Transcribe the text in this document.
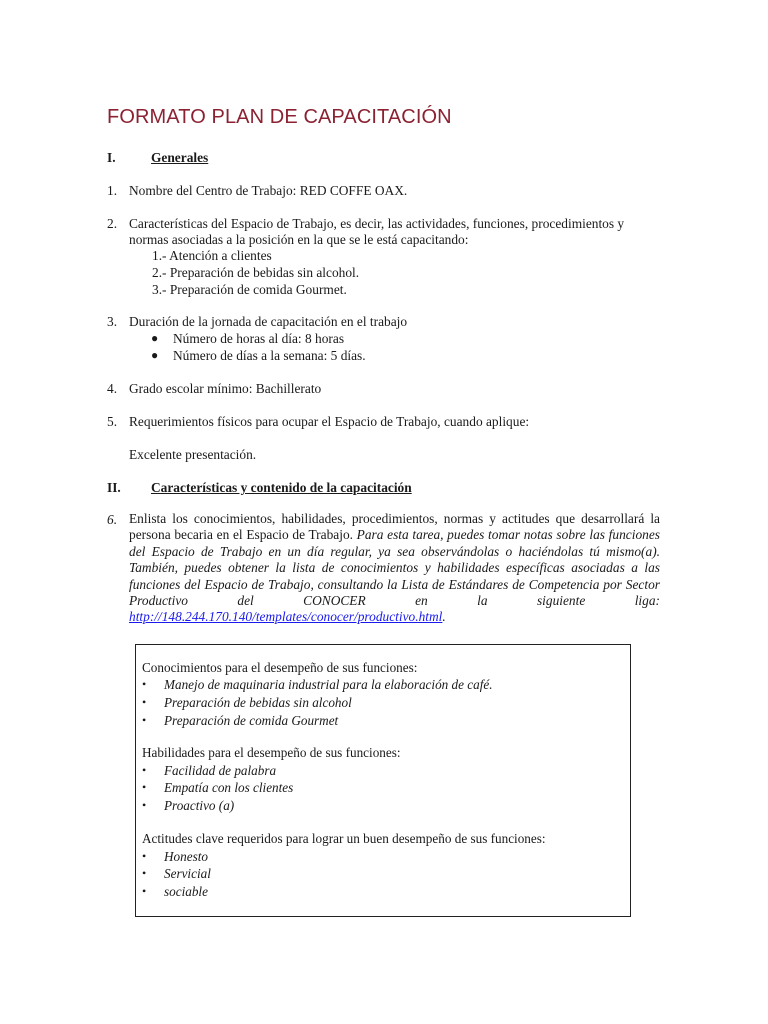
FORMATO PLAN DE CAPACITACIÓN
I.	Generales
1. Nombre del Centro de Trabajo: RED COFFE OAX.
2. Características del Espacio de Trabajo, es decir, las actividades, funciones, procedimientos y
normas asociadas a la posición en la que se le está capacitando:
1.- Atención a clientes
2.- Preparación de bebidas sin alcohol.
3.- Preparación de comida Gourmet.
3. Duración de la jornada de capacitación en el trabajo
● Número de horas al día: 8 horas
● Número de días a la semana: 5 días.
4. Grado escolar mínimo: Bachillerato
5. Requerimientos físicos para ocupar el Espacio de Trabajo, cuando aplique:
Excelente presentación.
II. Características y contenido de la capacitación
6. Enlista los conocimientos, habilidades, procedimientos, normas y actitudes que desarrollará la persona becaria en el Espacio de Trabajo. Para esta tarea, puedes tomar notas sobre las funciones del Espacio de Trabajo en un día regular, ya sea observándolas o haciéndolas tú mismo(a). También, puedes obtener la lista de conocimientos y habilidades específicas asociadas a las funciones del Espacio de Trabajo, consultando la Lista de Estándares de Competencia por Sector Productivo del CONOCER en la siguiente liga: http://148.244.170.140/templates/conocer/productivo.html.
Conocimientos para el desempeño de sus funciones:
• Manejo de maquinaria industrial para la elaboración de café.
• Preparación de bebidas sin alcohol
• Preparación de comida Gourmet
Habilidades para el desempeño de sus funciones:
• Facilidad de palabra
• Empatía con los clientes
• Proactivo (a)
Actitudes clave requeridos para lograr un buen desempeño de sus funciones:
• Honesto
• Servicial
• sociable
